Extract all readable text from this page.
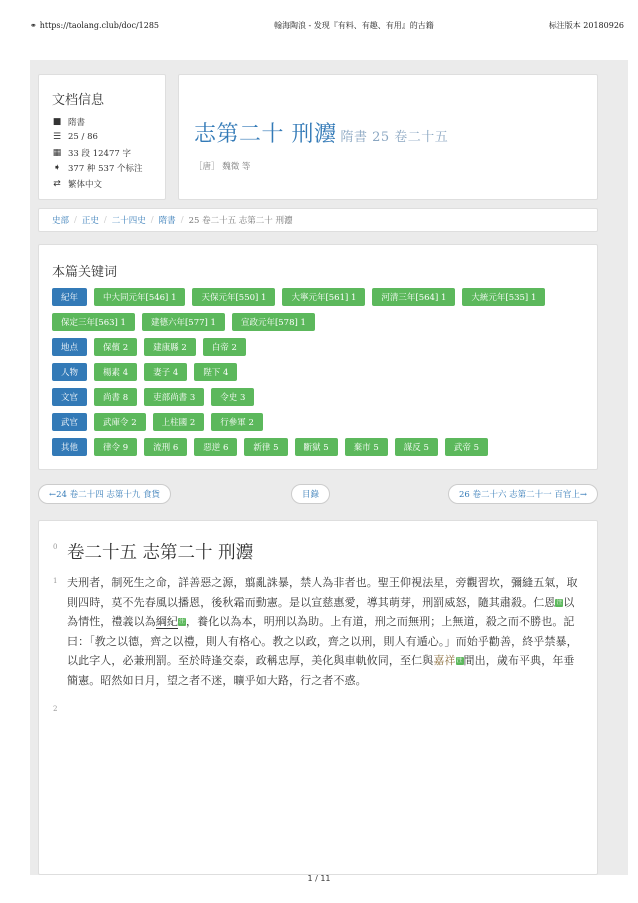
⚭ https://taolang.club/doc/1285	翰海陶浪 - 发现『有料、有趣、有用』的古籍	标注版本 20180926
文档信息
■ 隋書
☰ 25 / 86
▦ 33 段 12477 字
➧ 377 种 537 个标注
⇄ 繁体中文
志第二十 刑灋 隋書 25 卷二十五
［唐］ 魏徵 等
史部 / 正史 / 二十四史 / 隋書 / 25 卷二十五 志第二十 刑灋
本篇关键词
紀年	中大同元年[546] 1	天保元年[550] 1	大寧元年[561] 1	河清三年[564] 1	大統元年[535] 1
保定三年[563] 1	建德六年[577] 1	宣政元年[578] 1
地点	保儐 2	建康縣 2	白帝 2
人物	楊素 4	妻子 4	陛下 4
文官	尚書 8	吏部尚書 3	令史 3
武官	武庫令 2	上柱國 2	行參軍 2
其他	律令 9	流刑 6	惡逆 6	新律 5	斷獄 5	棄市 5	謀反 5	武帝 5
←24 卷二十四 志第十九 食貨	目錄	26 卷二十六 志第二十一 百官上→
0 卷二十五 志第二十 刑灋
1 夫刑者，制死生之命，詳善惡之源，翦亂誅暴，禁人為非者也。聖王仰視法星，旁觀習坎，彌縫五氣，取則四時，莫不先春風以播恩，後秋霜而動憲。是以宣慈惠愛，導其萌芽，刑罰威怒，隨其肅殺。仁恩注以為情性，禮義以為綱紀注，養化以為本，明刑以為助。上有道，刑之而無刑；上無道，殺之而不勝也。記曰：「教之以德，齊之以禮，則人有格心。教之以政，齊之以刑，則人有遁心。」而始乎勸善，終乎禁暴，以此字人，必兼刑罰。至於時逢交泰，政稱忠厚，美化與車軌攸同，至仁與嘉祥注間出，歲布平典，年垂簡憲。昭然如日月，望之者不迷，曠乎如大路，行之者不惑。
2
1 / 11
